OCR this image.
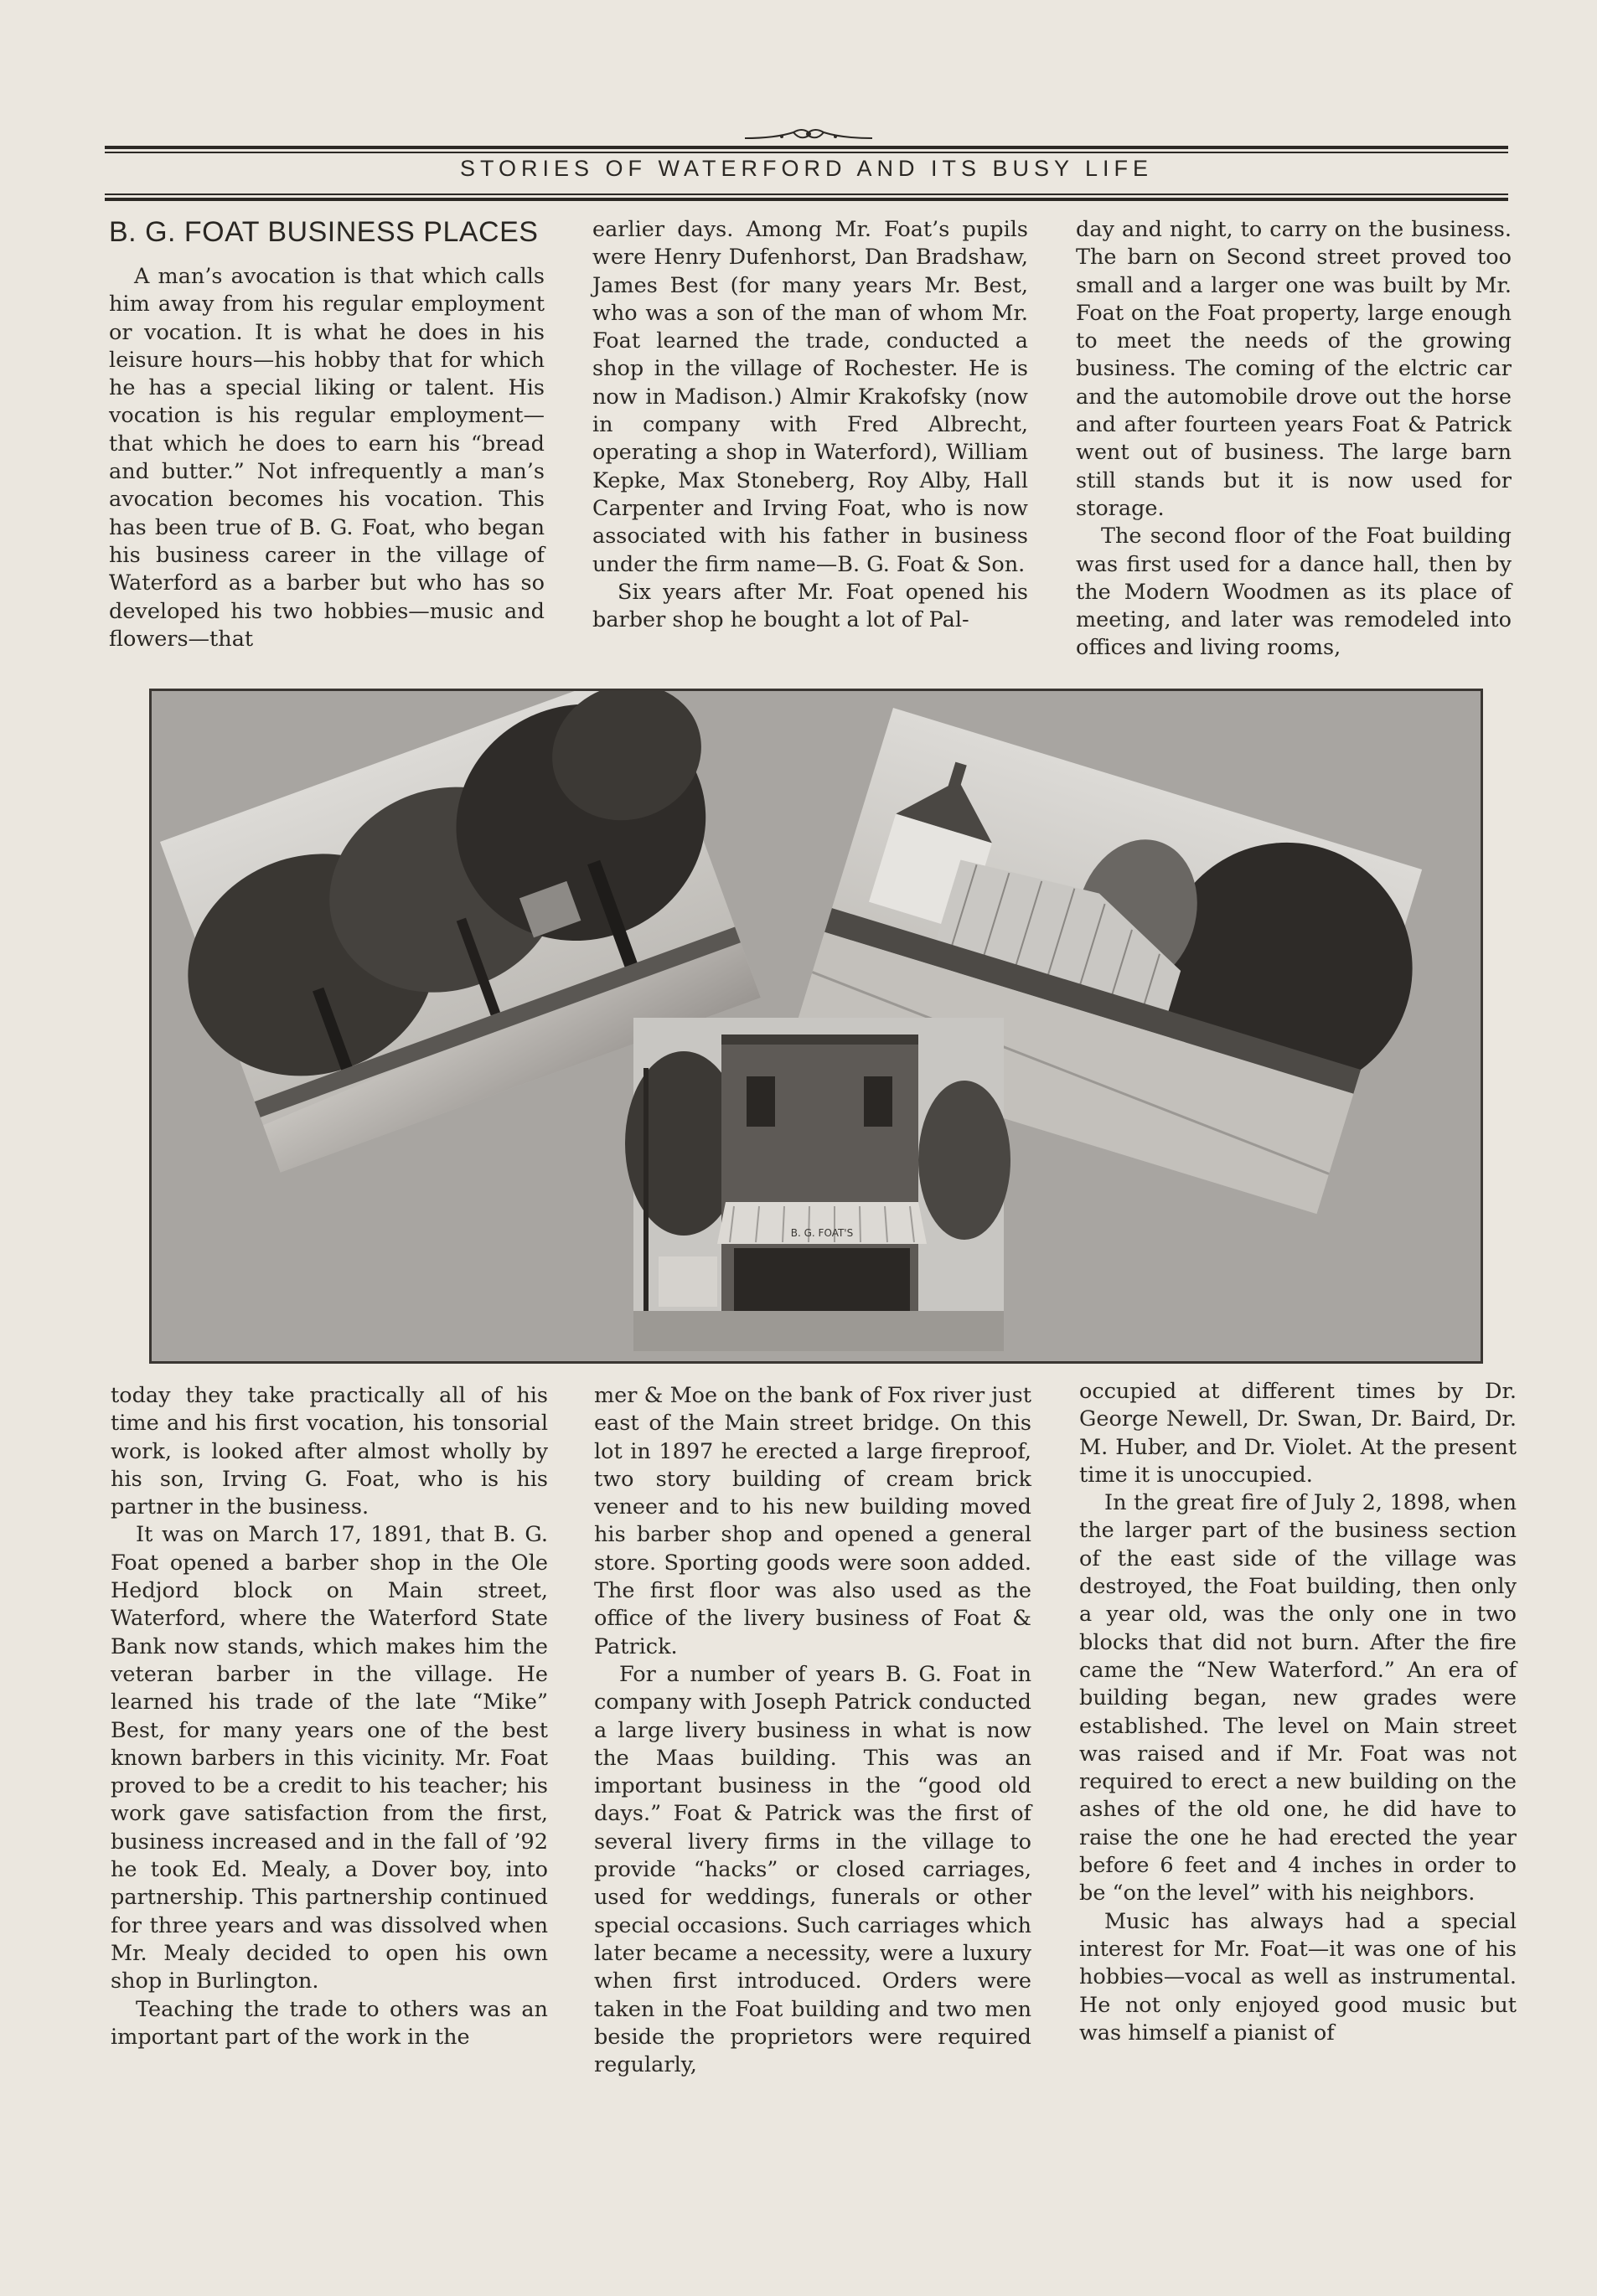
STORIES OF WATERFORD AND ITS BUSY LIFE
B. G. FOAT BUSINESS PLACES

A man’s avocation is that which calls him away from his regular employment or vocation. It is what he does in his leisure hours—his hobby that for which he has a special liking or talent. His vocation is his regular employment—that which he does to earn his “bread and butter.” Not infrequently a man’s avocation becomes his vocation. This has been true of B. G. Foat, who began his business career in the village of Waterford as a barber but who has so developed his two hobbies—music and flowers—that

earlier days. Among Mr. Foat’s pupils were Henry Dufenhorst, Dan Bradshaw, James Best (for many years Mr. Best, who was a son of the man of whom Mr. Foat learned the trade, conducted a shop in the village of Rochester. He is now in Madison.) Almir Krakofsky (now in company with Fred Albrecht, operating a shop in Waterford), William Kepke, Max Stoneberg, Roy Alby, Hall Carpenter and Irving Foat, who is now associated with his father in business under the firm name—B. G. Foat & Son.

Six years after Mr. Foat opened his barber shop he bought a lot of Pal-

day and night, to carry on the business. The barn on Second street proved too small and a larger one was built by Mr. Foat on the Foat property, large enough to meet the needs of the growing business. The coming of the elctric car and the automobile drove out the horse and after fourteen years Foat & Patrick went out of business. The large barn still stands but it is now used for storage.

The second floor of the Foat building was first used for a dance hall, then by the Modern Woodmen as its place of meeting, and later was remodeled into offices and living rooms,

B. G. FOAT'S

today they take practically all of his time and his first vocation, his tonsorial work, is looked after almost wholly by his son, Irving G. Foat, who is his partner in the business.

It was on March 17, 1891, that B. G. Foat opened a barber shop in the Ole Hedjord block on Main street, Waterford, where the Waterford State Bank now stands, which makes him the veteran barber in the village. He learned his trade of the late “Mike” Best, for many years one of the best known barbers in this vicinity. Mr. Foat proved to be a credit to his teacher; his work gave satisfaction from the first, business increased and in the fall of ’92 he took Ed. Mealy, a Dover boy, into partnership. This partnership continued for three years and was dissolved when Mr. Mealy decided to open his own shop in Burlington.

Teaching the trade to others was an important part of the work in the

mer & Moe on the bank of Fox river just east of the Main street bridge. On this lot in 1897 he erected a large fireproof, two story building of cream brick veneer and to his new building moved his barber shop and opened a general store. Sporting goods were soon added. The first floor was also used as the office of the livery business of Foat & Patrick.

For a number of years B. G. Foat in company with Joseph Patrick conducted a large livery business in what is now the Maas building. This was an important business in the “good old days.” Foat & Patrick was the first of several livery firms in the village to provide “hacks” or closed carriages, used for weddings, funerals or other special occasions. Such carriages which later became a necessity, were a luxury when first introduced. Orders were taken in the Foat building and two men beside the proprietors were required regularly,

occupied at different times by Dr. George Newell, Dr. Swan, Dr. Baird, Dr. M. Huber, and Dr. Violet. At the present time it is unoccupied.

In the great fire of July 2, 1898, when the larger part of the business section of the east side of the village was destroyed, the Foat building, then only a year old, was the only one in two blocks that did not burn. After the fire came the “New Waterford.” An era of building began, new grades were established. The level on Main street was raised and if Mr. Foat was not required to erect a new building on the ashes of the old one, he did have to raise the one he had erected the year before 6 feet and 4 inches in order to be “on the level” with his neighbors.

Music has always had a special interest for Mr. Foat—it was one of his hobbies—vocal as well as instrumental. He not only enjoyed good music but was himself a pianist of
